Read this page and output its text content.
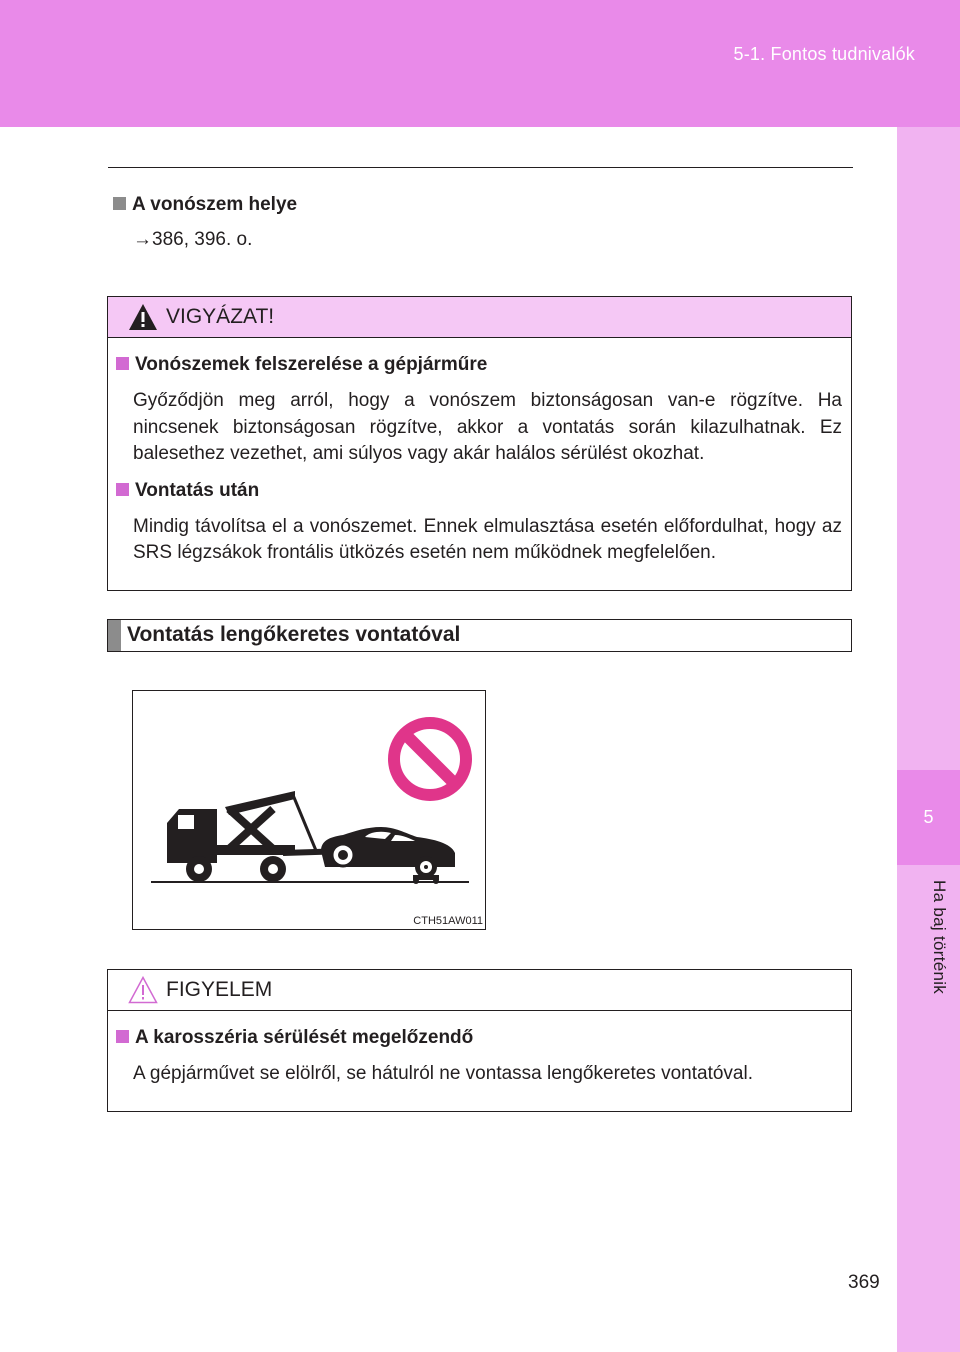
5-1. Fontos tudnivalók
5
Ha baj történik
A vonószem helye
→386, 396. o.
VIGYÁZAT!
Vonószemek felszerelése a gépjárműre
Győződjön meg arról, hogy a vonószem biztonságosan van-e rögzítve. Ha nincsenek biztonságosan rögzítve, akkor a vontatás során kilazulhatnak. Ez balesethez vezethet, ami súlyos vagy akár halálos sérülést okozhat.
Vontatás után
Mindig távolítsa el a vonószemet. Ennek elmulasztása esetén előfordulhat, hogy az SRS légzsákok frontális ütközés esetén nem működnek megfelelően.
Vontatás lengőkeretes vontatóval
CTH51AW011
FIGYELEM
A karosszéria sérülését megelőzendő
A gépjárművet se elölről, se hátulról ne vontassa lengőkeretes vontatóval.
369
